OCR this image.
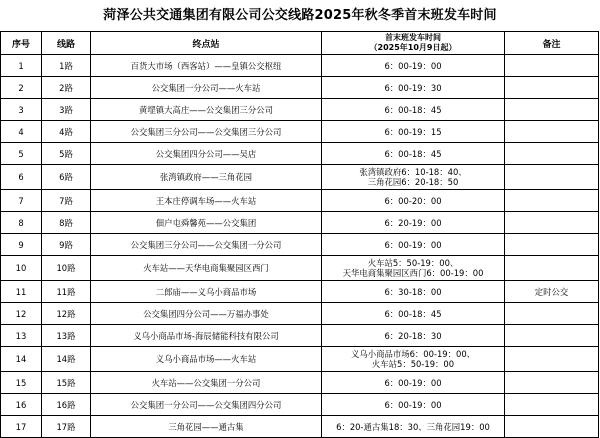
菏泽公共交通集团有限公司公交线路2025年秋冬季首末班发车时间
序号	线路	终点站	首末班发车时间
（2025年10月9日起）	备注
1	1路	百货大市场（西客站）——皇镇公交枢纽	6：00-19：00	

2	2路	公交集团一分公司——火车站	6：00-19：30	

3	3路	黄堽镇大高庄——公交集团三分公司	6：00-18：45	

4	4路	公交集团三分公司——公交集团三分公司	6：00-19：15	

5	5路	公交集团四分公司——吴店	6：00-18：45	

6	6路	张湾镇政府——三角花园	张湾镇政府6：10-18：40、
三角花园6：20-18：50	

7	7路	王本庄停调车场——火车站	6：00-20：00	

8	8路	佃户屯舜馨苑——公交集团	6：20-19：00	

9	9路	公交集团三分公司——公交集团一分公司	6：00-19：00	

10	10路	火车站——天华电商集聚园区西门	火车站5：50-19：00、
天华电商集聚园区西门6：00-19：00	

11	11路	二郎庙——义乌小商品市场	6：30-18：00	定时公交
12	12路	公交集团四分公司——万福办事处	6：00-18：45	

13	13路	义乌小商品市场-海辰储能科技有限公司	6：20-18：30	

14	14路	义乌小商品市场——火车站	义乌小商品市场6：00-19：00、
火车站5：50-19：00	

15	15路	火车站——公交集团一分公司	6：00-19：00	

16	16路	公交集团一分公司——公交集团四分公司	6：00-19：00	

17	17路	三角花园——通古集	6：20-通古集18：30、三角花园19：00	
